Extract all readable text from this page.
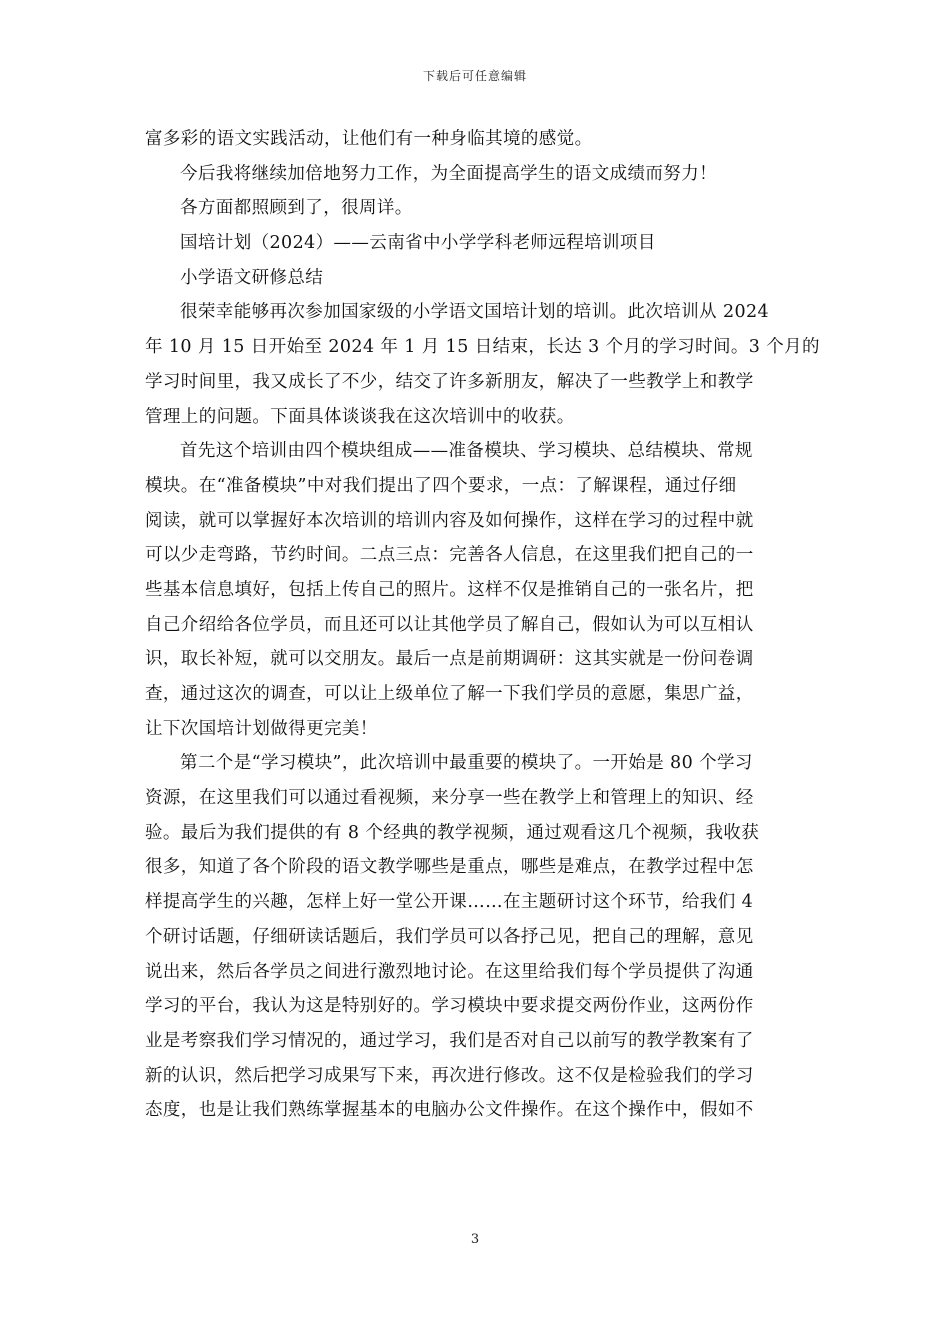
下载后可任意编辑
富多彩的语文实践活动，让他们有一种身临其境的感觉。
今后我将继续加倍地努力工作，为全面提高学生的语文成绩而努力！
各方面都照顾到了，很周详。
国培计划（2024）——云南省中小学学科老师远程培训项目
小学语文研修总结
很荣幸能够再次参加国家级的小学语文国培计划的培训。此次培训从 2024
年 10 月 15 日开始至 2024 年 1 月 15 日结束，长达 3 个月的学习时间。3 个月的
学习时间里，我又成长了不少，结交了许多新朋友，解决了一些教学上和教学
管理上的问题。下面具体谈谈我在这次培训中的收获。
首先这个培训由四个模块组成——准备模块、学习模块、总结模块、常规
模块。在“准备模块”中对我们提出了四个要求，一点：了解课程，通过仔细
阅读，就可以掌握好本次培训的培训内容及如何操作，这样在学习的过程中就
可以少走弯路，节约时间。二点三点：完善各人信息，在这里我们把自己的一
些基本信息填好，包括上传自己的照片。这样不仅是推销自己的一张名片，把
自己介绍给各位学员，而且还可以让其他学员了解自己，假如认为可以互相认
识，取长补短，就可以交朋友。最后一点是前期调研：这其实就是一份问卷调
查，通过这次的调查，可以让上级单位了解一下我们学员的意愿，集思广益，
让下次国培计划做得更完美！
第二个是“学习模块”，此次培训中最重要的模块了。一开始是 80 个学习
资源，在这里我们可以通过看视频，来分享一些在教学上和管理上的知识、经
验。最后为我们提供的有 8 个经典的教学视频，通过观看这几个视频，我收获
很多，知道了各个阶段的语文教学哪些是重点，哪些是难点，在教学过程中怎
样提高学生的兴趣，怎样上好一堂公开课……在主题研讨这个环节，给我们 4
个研讨话题，仔细研读话题后，我们学员可以各抒己见，把自己的理解，意见
说出来，然后各学员之间进行激烈地讨论。在这里给我们每个学员提供了沟通
学习的平台，我认为这是特别好的。学习模块中要求提交两份作业，这两份作
业是考察我们学习情况的，通过学习，我们是否对自己以前写的教学教案有了
新的认识，然后把学习成果写下来，再次进行修改。这不仅是检验我们的学习
态度，也是让我们熟练掌握基本的电脑办公文件操作。在这个操作中，假如不
3
